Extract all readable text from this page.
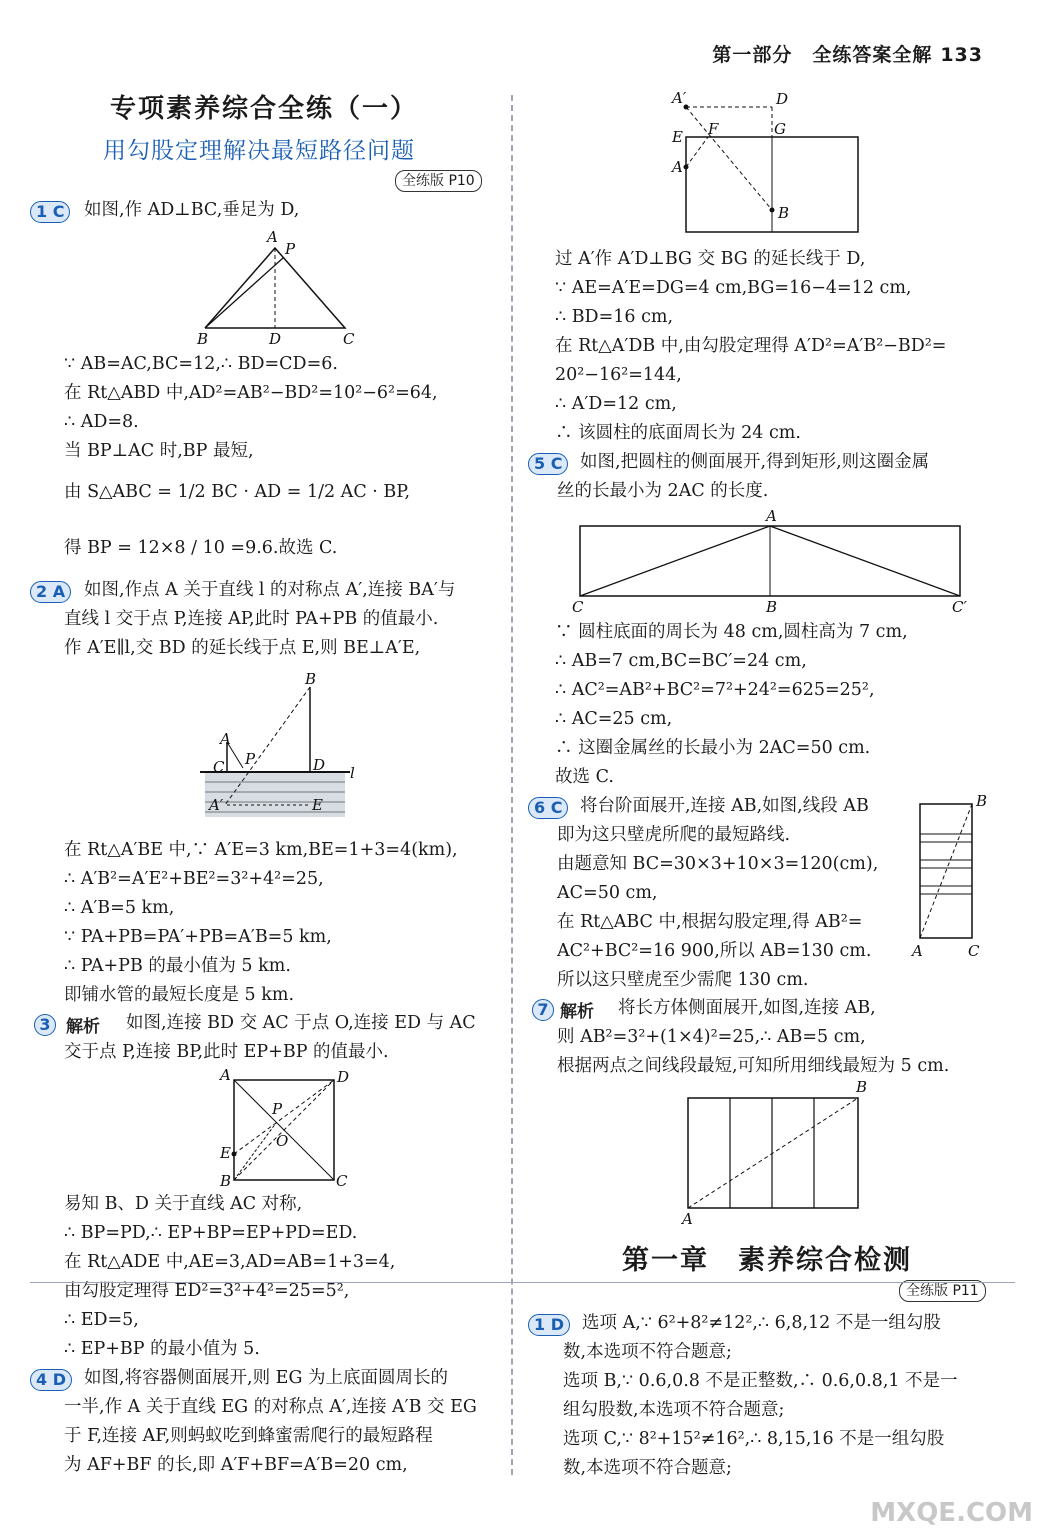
第一部分　全练答案全解 133
专项素养综合全练（一）
用勾股定理解决最短路径问题
全练版 P10
1 C	如图,作 AD⊥BC,垂足为 D,
A
P
B	D	C
∵ AB=AC,BC=12,∴ BD=CD=6.
在 Rt△ABD 中,AD²=AB²−BD²=10²−6²=64,
∴ AD=8.
当 BP⊥AC 时,BP 最短,
由 S△ABC = 1/2 BC · AD = 1/2 AC · BP,
得 BP = 12×8 / 10 =9.6.故选 C.
2 A	如图,作点 A 关于直线 l 的对称点 A′,连接 BA′与
直线 l 交于点 P,连接 AP,此时 PA+PB 的值最小.
作 A′E∥l,交 BD 的延长线于点 E,则 BE⊥A′E,
B
A
P
C	D l
A′	E
在 Rt△A′BE 中,∵ A′E=3 km,BE=1+3=4(km),
∴ A′B²=A′E²+BE²=3²+4²=25,
∴ A′B=5 km,
∵ PA+PB=PA′+PB=A′B=5 km,
∴ PA+PB 的最小值为 5 km.
即铺水管的最短长度是 5 km.
3 解析 如图,连接 BD 交 AC 于点 O,连接 ED 与 AC
交于点 P,连接 BP,此时 EP+BP 的值最小.
A	D
P
O
E
B	C
易知 B、D 关于直线 AC 对称,
∴ BP=PD,∴ EP+BP=EP+PD=ED.
在 Rt△ADE 中,AE=3,AD=AB=1+3=4,
由勾股定理得 ED²=3²+4²=25=5²,
∴ ED=5,
∴ EP+BP 的最小值为 5.
4 D	如图,将容器侧面展开,则 EG 为上底面圆周长的
一半,作 A 关于直线 EG 的对称点 A′,连接 A′B 交 EG
于 F,连接 AF,则蚂蚁吃到蜂蜜需爬行的最短路程
为 AF+BF 的长,即 A′F+BF=A′B=20 cm,
A′	D
E F	G
A
B
过 A′作 A′D⊥BG 交 BG 的延长线于 D,
∵ AE=A′E=DG=4 cm,BG=16−4=12 cm,
∴ BD=16 cm,
在 Rt△A′DB 中,由勾股定理得 A′D²=A′B²−BD²=
20²−16²=144,
∴ A′D=12 cm,
∴ 该圆柱的底面周长为 24 cm.
5 C	如图,把圆柱的侧面展开,得到矩形,则这圈金属
丝的长最小为 2AC 的长度.
A
C	B	C′
∵ 圆柱底面的周长为 48 cm,圆柱高为 7 cm,
∴ AB=7 cm,BC=BC′=24 cm,
∴ AC²=AB²+BC²=7²+24²=625=25²,
∴ AC=25 cm,
∴ 这圈金属丝的长最小为 2AC=50 cm.
故选 C.
6 C	将台阶面展开,连接 AB,如图,线段 AB
即为这只壁虎所爬的最短路线.
由题意知 BC=30×3+10×3=120(cm),
AC=50 cm,
在 Rt△ABC 中,根据勾股定理,得 AB²=
AC²+BC²=16 900,所以 AB=130 cm.
所以这只壁虎至少需爬 130 cm.
B
A	C
7 解析 将长方体侧面展开,如图,连接 AB,
则 AB²=3²+(1×4)²=25,∴ AB=5 cm,
根据两点之间线段最短,可知所用细线最短为 5 cm.
B
A
第一章　素养综合检测
全练版 P11
1 D	选项 A,∵ 6²+8²≠12²,∴ 6,8,12 不是一组勾股
数,本选项不符合题意;
选项 B,∵ 0.6,0.8 不是正整数,∴ 0.6,0.8,1 不是一
组勾股数,本选项不符合题意;
选项 C,∵ 8²+15²≠16²,∴ 8,15,16 不是一组勾股
数,本选项不符合题意;
MXQE.COM
